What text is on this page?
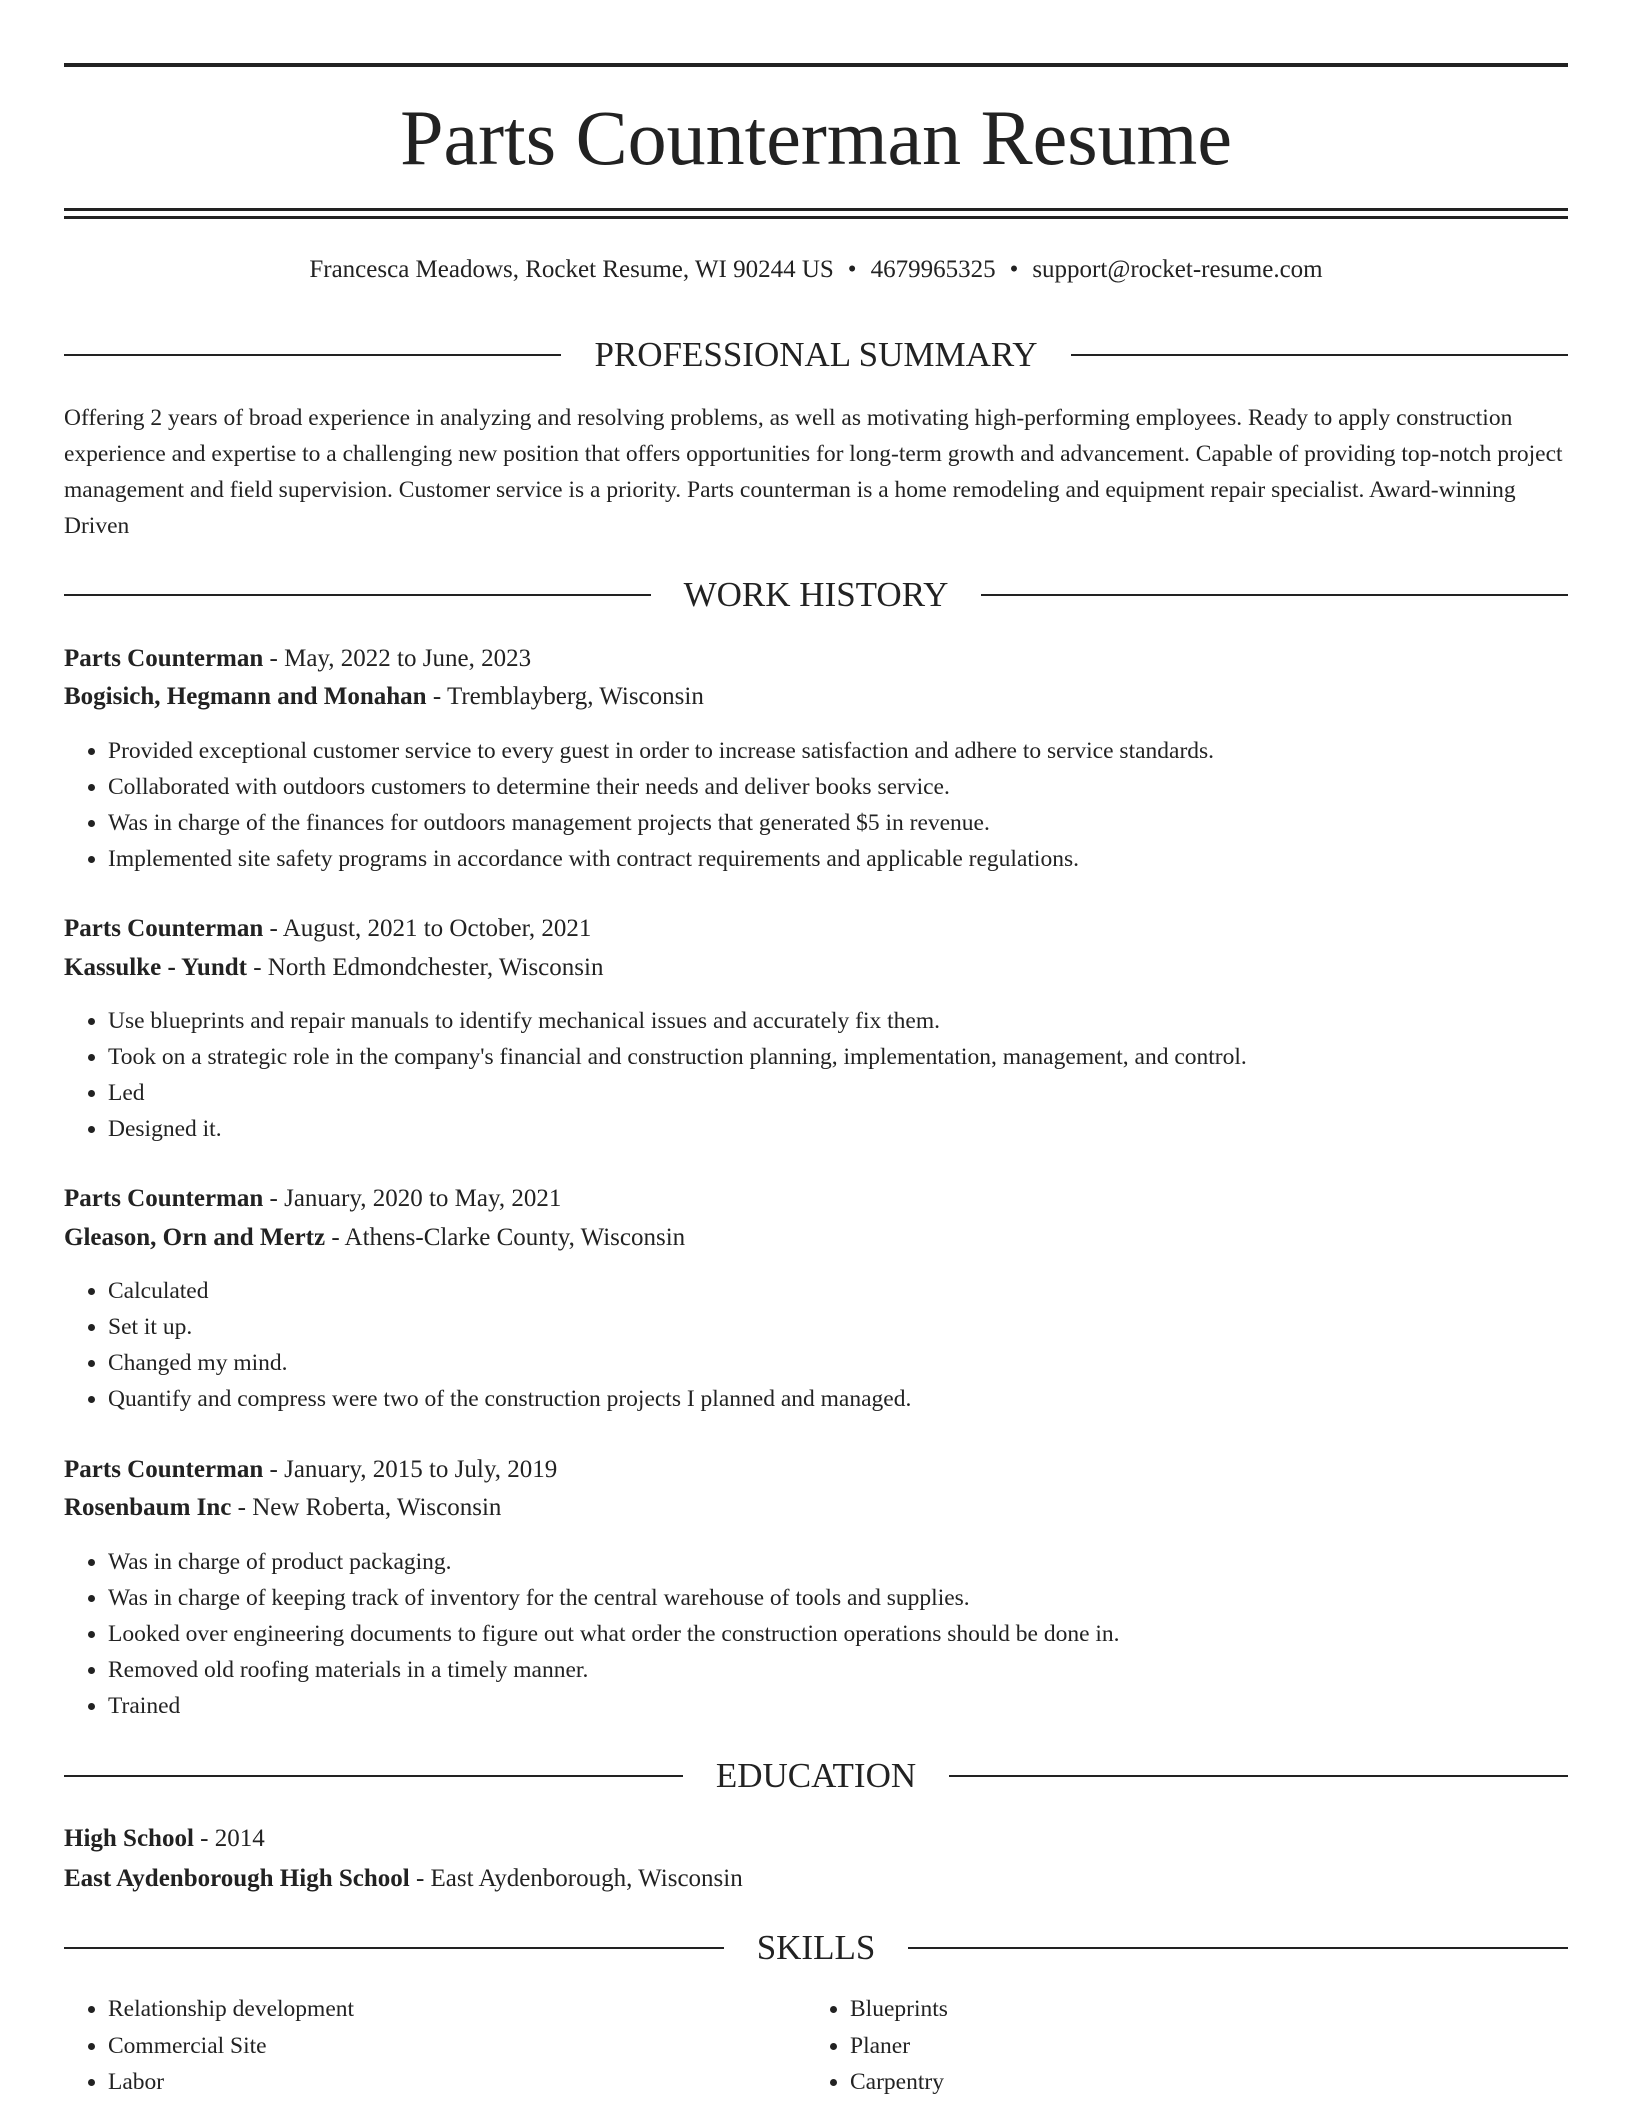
Parts Counterman Resume
Francesca Meadows, Rocket Resume, WI 90244 US • 4679965325 • support@rocket-resume.com
PROFESSIONAL SUMMARY

Offering 2 years of broad experience in analyzing and resolving problems, as well as motivating high-performing employees. Ready to apply construction experience and expertise to a challenging new position that offers opportunities for long-term growth and advancement. Capable of providing top-notch project management and field supervision. Customer service is a priority. Parts counterman is a home remodeling and equipment repair specialist. Award-winning Driven

WORK HISTORY
Parts Counterman - May, 2022 to June, 2023
Bogisich, Hegmann and Monahan - Tremblayberg, Wisconsin
• Provided exceptional customer service to every guest in order to increase satisfaction and adhere to service standards.
• Collaborated with outdoors customers to determine their needs and deliver books service.
• Was in charge of the finances for outdoors management projects that generated $5 in revenue.
• Implemented site safety programs in accordance with contract requirements and applicable regulations.
Parts Counterman - August, 2021 to October, 2021
Kassulke - Yundt - North Edmondchester, Wisconsin
• Use blueprints and repair manuals to identify mechanical issues and accurately fix them.
• Took on a strategic role in the company's financial and construction planning, implementation, management, and control.
• Led
• Designed it.
Parts Counterman - January, 2020 to May, 2021
Gleason, Orn and Mertz - Athens-Clarke County, Wisconsin
• Calculated
• Set it up.
• Changed my mind.
• Quantify and compress were two of the construction projects I planned and managed.
Parts Counterman - January, 2015 to July, 2019
Rosenbaum Inc - New Roberta, Wisconsin
• Was in charge of product packaging.
• Was in charge of keeping track of inventory for the central warehouse of tools and supplies.
• Looked over engineering documents to figure out what order the construction operations should be done in.
• Removed old roofing materials in a timely manner.
• Trained
EDUCATION
High School - 2014
East Aydenborough High School - East Aydenborough, Wisconsin
SKILLS
• Relationship development
• Commercial Site
• Labor
• Blueprints
• Planer
• Carpentry
